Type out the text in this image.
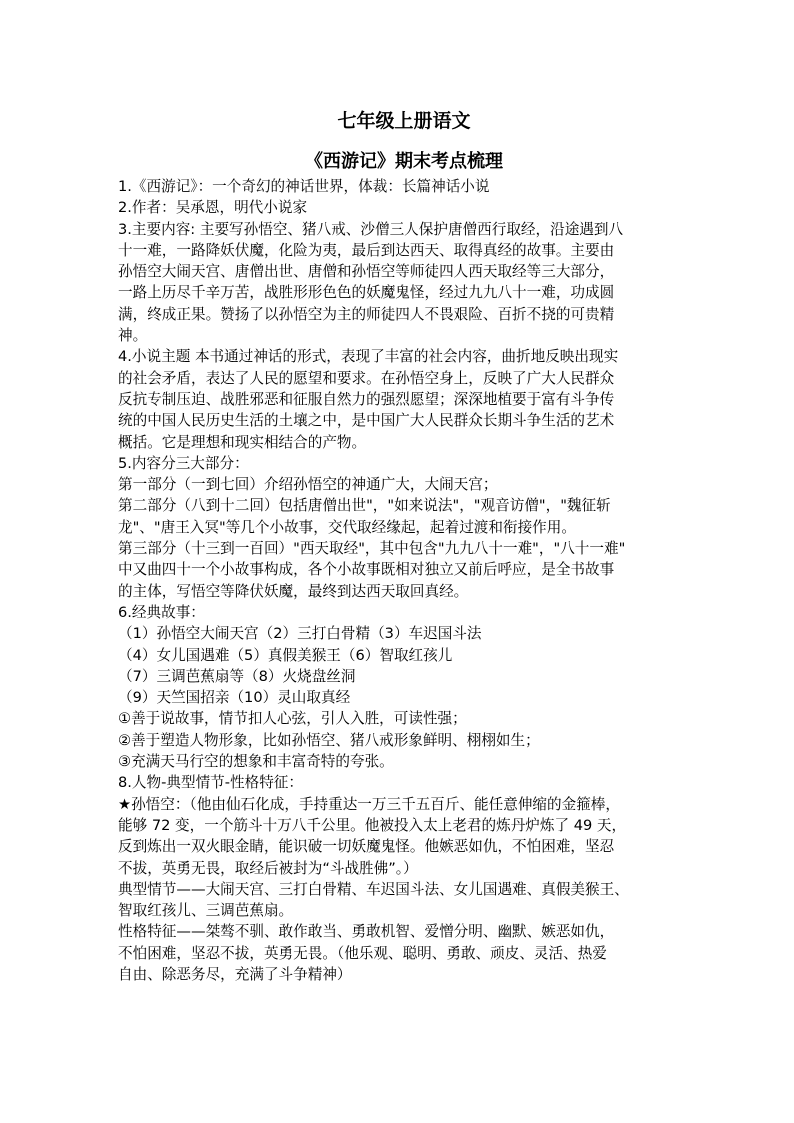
七年级上册语文
《西游记》期末考点梳理
1.《西游记》：一个奇幻的神话世界，体裁：长篇神话小说
2.作者：吴承恩，明代小说家
3.主要内容: 主要写孙悟空、猪八戒、沙僧三人保护唐僧西行取经，沿途遇到八
十一难，一路降妖伏魔，化险为夷，最后到达西天、取得真经的故事。主要由
孙悟空大闹天宫、唐僧出世、唐僧和孙悟空等师徒四人西天取经等三大部分，
一路上历尽千辛万苦，战胜形形色色的妖魔鬼怪，经过九九八十一难，功成圆
满，终成正果。赞扬了以孙悟空为主的师徒四人不畏艰险、百折不挠的可贵精
神。
4.小说主题 本书通过神话的形式，表现了丰富的社会内容，曲折地反映出现实
的社会矛盾，表达了人民的愿望和要求。在孙悟空身上，反映了广大人民群众
反抗专制压迫、战胜邪恶和征服自然力的强烈愿望；深深地植要于富有斗争传
统的中国人民历史生活的土壤之中，是中国广大人民群众长期斗争生活的艺术
概括。它是理想和现实相结合的产物。
5.内容分三大部分：
第一部分（一到七回）介绍孙悟空的神通广大，大闹天宫；
第二部分（八到十二回）包括唐僧出世"，"如来说法"，"观音访僧"，"魏征斩
龙"、"唐王入冥"等几个小故事，交代取经缘起，起着过渡和衔接作用。
第三部分（十三到一百回）"西天取经"，其中包含"九九八十一难"，"八十一难"
中又曲四十一个小故事构成，各个小故事既相对独立又前后呼应，是全书故事
的主体，写悟空等降伏妖魔，最终到达西天取回真经。
6.经典故事：
（1）孙悟空大闹天宫（2）三打白骨精（3）车迟国斗法
（4）女儿国遇难（5）真假美猴王（6）智取红孩儿
（7）三调芭蕉扇等（8）火烧盘丝洞
（9）天竺国招亲（10）灵山取真经
①善于说故事，情节扣人心弦，引人入胜，可读性强；
②善于塑造人物形象，比如孙悟空、猪八戒形象鲜明、栩栩如生；
③充满天马行空的想象和丰富奇特的夸张。
8.人物-典型情节-性格特征：
★孙悟空：（他由仙石化成，手持重达一万三千五百斤、能任意伸缩的金箍棒，
能够 72 变，一个筋斗十万八千公里。他被投入太上老君的炼丹炉炼了 49 天，
反到炼出一双火眼金睛，能识破一切妖魔鬼怪。他嫉恶如仇，不怕困难，坚忍
不拔，英勇无畏，取经后被封为“斗战胜佛”。）
典型情节——大闹天宫、三打白骨精、车迟国斗法、女儿国遇难、真假美猴王、
智取红孩儿、三调芭蕉扇。
性格特征——桀骜不驯、敢作敢当、勇敢机智、爱憎分明、幽默、嫉恶如仇，
不怕困难，坚忍不拔，英勇无畏。（他乐观、聪明、勇敢、顽皮、灵活、热爱
自由、除恶务尽，充满了斗争精神）
